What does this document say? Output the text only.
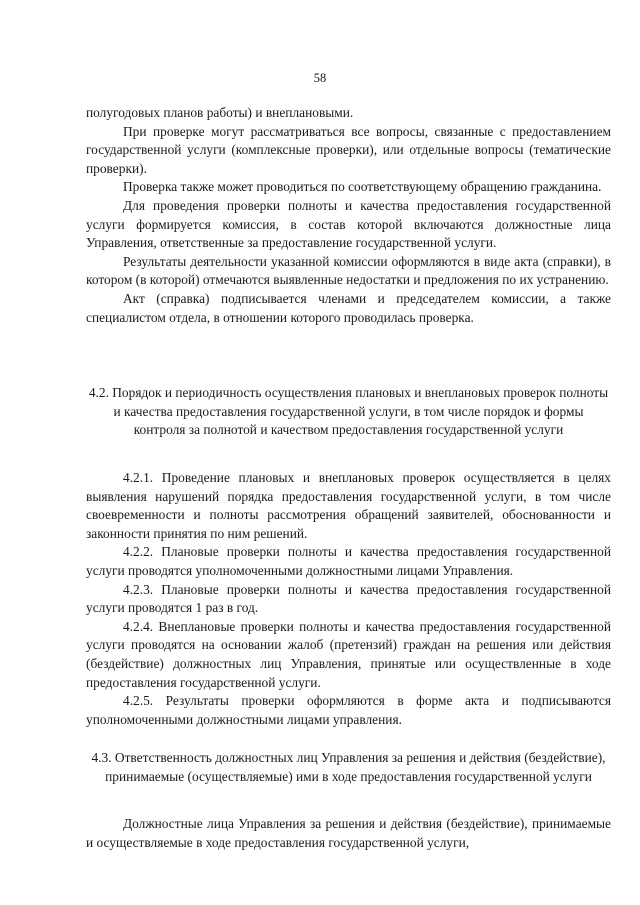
58

полугодовых планов работы) и внеплановыми.

При проверке могут рассматриваться все вопросы, связанные с предоставлением государственной услуги (комплексные проверки), или отдельные вопросы (тематические проверки).

Проверка также может проводиться по соответствующему обращению гражданина.

Для проведения проверки полноты и качества предоставления государственной услуги формируется комиссия, в состав которой включаются должностные лица Управления, ответственные за предоставление государственной услуги.

Результаты деятельности указанной комиссии оформляются в виде акта (справки), в котором (в которой) отмечаются выявленные недостатки и предложения по их устранению.

Акт (справка) подписывается членами и председателем комиссии, а также специалистом отдела, в отношении которого проводилась проверка.

4.2. Порядок и периодичность осуществления плановых и внеплановых проверок полноты и качества предоставления государственной услуги, в том числе порядок и формы контроля за полнотой и качеством предоставления государственной услуги

4.2.1. Проведение плановых и внеплановых проверок осуществляется в целях выявления нарушений порядка предоставления государственной услуги, в том числе своевременности и полноты рассмотрения обращений заявителей, обоснованности и законности принятия по ним решений.

4.2.2. Плановые проверки полноты и качества предоставления государственной услуги проводятся уполномоченными должностными лицами Управления.

4.2.3. Плановые проверки полноты и качества предоставления государственной услуги проводятся 1 раз в год.

4.2.4. Внеплановые проверки полноты и качества предоставления государственной услуги проводятся на основании жалоб (претензий) граждан на решения или действия (бездействие) должностных лиц Управления, принятые или осуществленные в ходе предоставления государственной услуги.

4.2.5. Результаты проверки оформляются в форме акта и подписываются уполномоченными должностными лицами управления.

4.3. Ответственность должностных лиц Управления за решения и действия (бездействие), принимаемые (осуществляемые) ими в ходе предоставления государственной услуги

Должностные лица Управления за решения и действия (бездействие), принимаемые и осуществляемые в ходе предоставления государственной услуги,
